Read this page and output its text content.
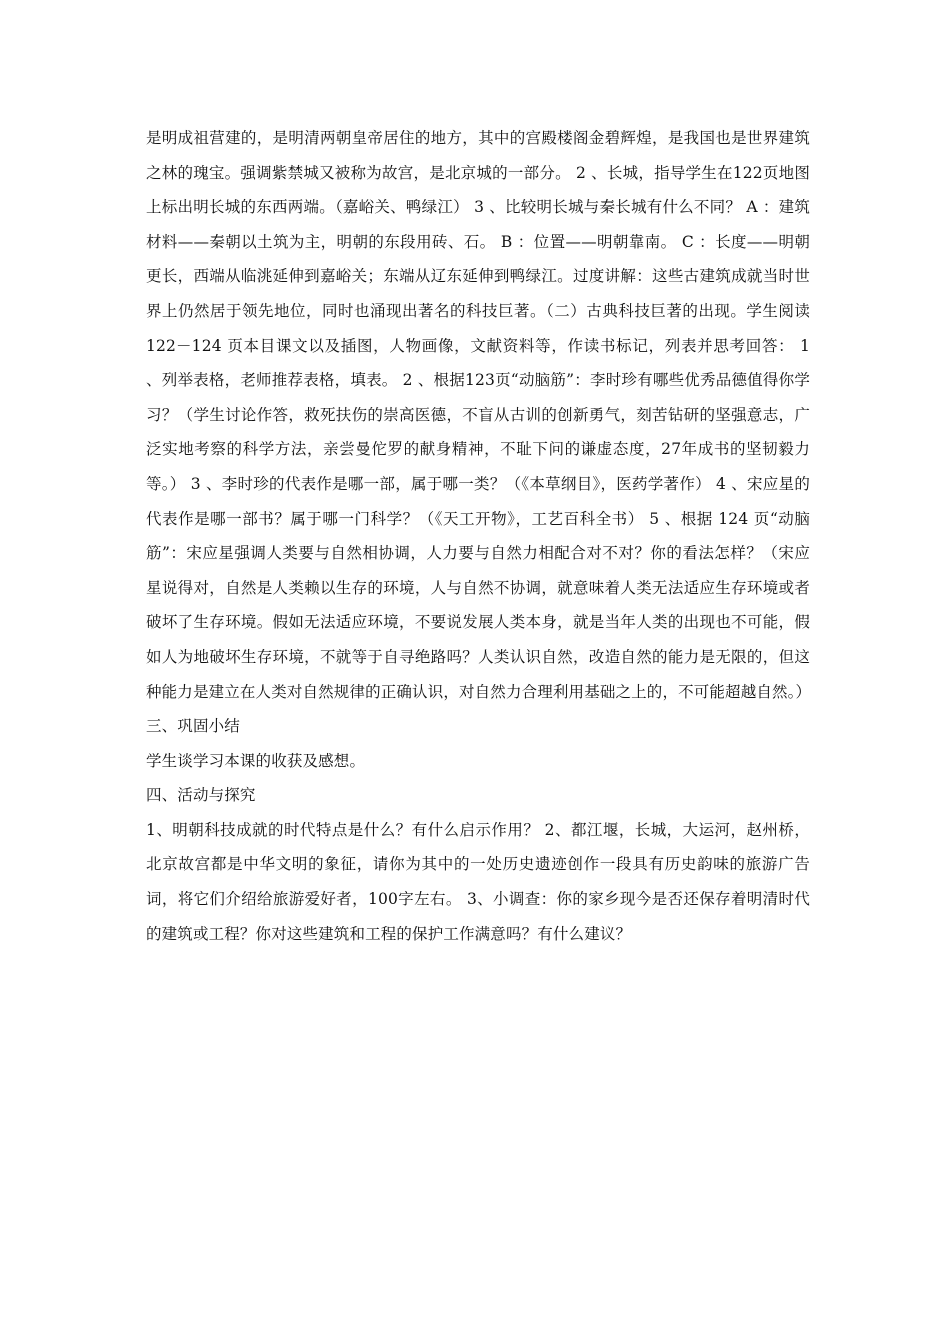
是明成祖营建的，是明清两朝皇帝居住的地方，其中的宫殿楼阁金碧辉煌，是我国也是世界建筑之林的瑰宝。强调紫禁城又被称为故宫，是北京城的一部分。 2 、长城，指导学生在122页地图上标出明长城的东西两端。（嘉峪关、鸭绿江） 3 、比较明长城与秦长城有什么不同？ A ：建筑材料——秦朝以土筑为主，明朝的东段用砖、石。 B ：位置——明朝靠南。 C ：长度——明朝更长，西端从临洮延伸到嘉峪关；东端从辽东延伸到鸭绿江。过度讲解：这些古建筑成就当时世界上仍然居于领先地位，同时也涌现出著名的科技巨著。（二）古典科技巨著的出现。学生阅读 122－124 页本目课文以及插图，人物画像，文献资料等，作读书标记，列表并思考回答： 1 、列举表格，老师推荐表格，填表。 2 、根据123页“动脑筋”：李时珍有哪些优秀品德值得你学习？（学生讨论作答，救死扶伤的崇高医德，不盲从古训的创新勇气，刻苦钻研的坚强意志，广泛实地考察的科学方法，亲尝曼佗罗的献身精神，不耻下问的谦虚态度，27年成书的坚韧毅力等。） 3 、李时珍的代表作是哪一部，属于哪一类？（《本草纲目》，医药学著作） 4 、宋应星的代表作是哪一部书？属于哪一门科学？（《天工开物》，工艺百科全书） 5 、根据 124 页“动脑筋”：宋应星强调人类要与自然相协调，人力要与自然力相配合对不对？你的看法怎样？（宋应星说得对，自然是人类赖以生存的环境，人与自然不协调，就意味着人类无法适应生存环境或者破坏了生存环境。假如无法适应环境，不要说发展人类本身，就是当年人类的出现也不可能，假如人为地破坏生存环境，不就等于自寻绝路吗？人类认识自然，改造自然的能力是无限的，但这种能力是建立在人类对自然规律的正确认识，对自然力合理利用基础之上的，不可能超越自然。）

三、巩固小结

学生谈学习本课的收获及感想。

四、活动与探究

1、明朝科技成就的时代特点是什么？有什么启示作用？ 2、都江堰，长城，大运河，赵州桥，北京故宫都是中华文明的象征，请你为其中的一处历史遗迹创作一段具有历史韵味的旅游广告词，将它们介绍给旅游爱好者，100字左右。 3、小调查：你的家乡现今是否还保存着明清时代的建筑或工程？你对这些建筑和工程的保护工作满意吗？有什么建议？
